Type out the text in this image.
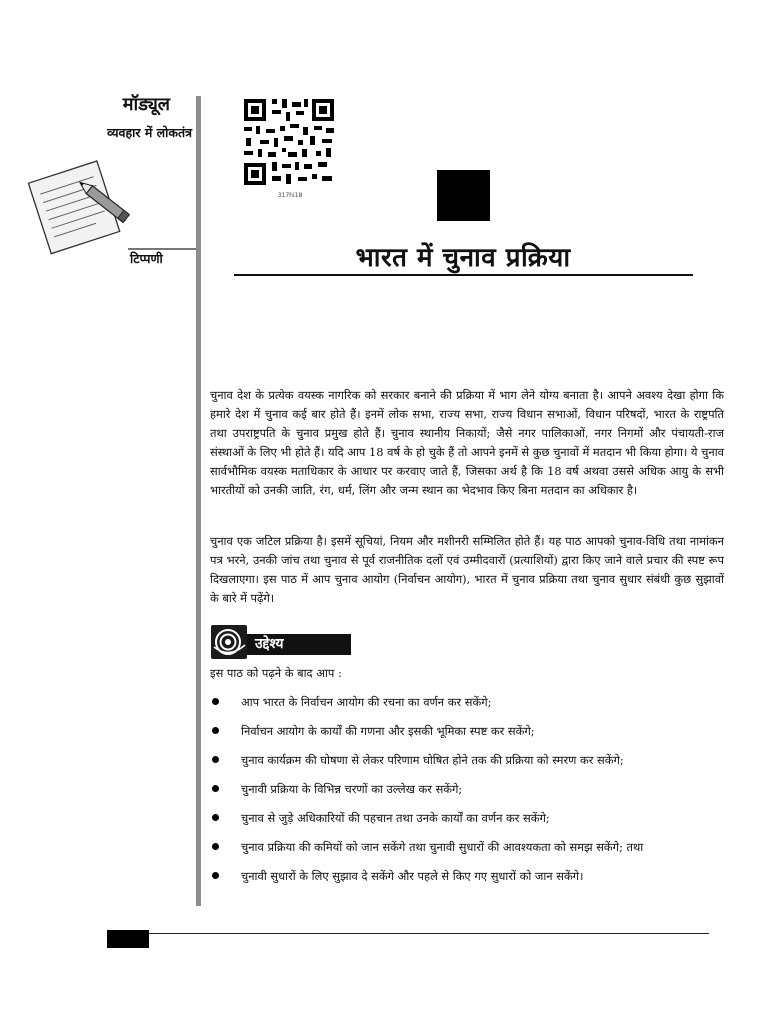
मॉड्यूल
व्यवहार में लोकतंत्र
टिप्पणी
317hi18
भारत में चुनाव प्रक्रिया

चुनाव देश के प्रत्येक वयस्क नागरिक को सरकार बनाने की प्रक्रिया में भाग लेने योग्य बनाता है। आपने अवश्य देखा होगा कि हमारे देश में चुनाव कई बार होते हैं। इनमें लोक सभा, राज्य सभा, राज्य विधान सभाओं, विधान परिषदों, भारत के राष्ट्रपति तथा उपराष्ट्रपति के चुनाव प्रमुख होते हैं। चुनाव स्थानीय निकायों; जैसे नगर पालिकाओं, नगर निगमों और पंचायती-राज संस्थाओं के लिए भी होते हैं। यदि आप 18 वर्ष के हो चुके हैं तो आपने इनमें से कुछ चुनावों में मतदान भी किया होगा। ये चुनाव सार्वभौमिक वयस्क मताधिकार के आधार पर करवाए जाते हैं, जिसका अर्थ है कि 18 वर्ष अथवा उससे अधिक आयु के सभी भारतीयों को उनकी जाति, रंग, धर्म, लिंग और जन्म स्थान का भेदभाव किए बिना मतदान का अधिकार है।

चुनाव एक जटिल प्रक्रिया है। इसमें सूचियां, नियम और मशीनरी सम्मिलित होते हैं। यह पाठ आपको चुनाव-विधि तथा नामांकन पत्र भरने, उनकी जांच तथा चुनाव से पूर्व राजनीतिक दलों एवं उम्मीदवारों (प्रत्याशियों) द्वारा किए जाने वाले प्रचार की स्पष्ट रूप दिखलाएगा। इस पाठ में आप चुनाव आयोग (निर्वाचन आयोग), भारत में चुनाव प्रक्रिया तथा चुनाव सुधार संबंधी कुछ सुझावों के बारे में पढ़ेंगे।

उद्देश्य
इस पाठ को पढ़ने के बाद आप :
आप भारत के निर्वाचन आयोग की रचना का वर्णन कर सकेंगे;
निर्वाचन आयोग के कार्यों की गणना और इसकी भूमिका स्पष्ट कर सकेंगे;
चुनाव कार्यक्रम की घोषणा से लेकर परिणाम घोषित होने तक की प्रक्रिया को स्मरण कर सकेंगे;
चुनावी प्रक्रिया के विभिन्न चरणों का उल्लेख कर सकेंगे;
चुनाव से जुड़े अधिकारियों की पहचान तथा उनके कार्यों का वर्णन कर सकेंगे;
चुनाव प्रक्रिया की कमियों को जान सकेंगे तथा चुनावी सुधारों की आवश्यकता को समझ सकेंगे; तथा
चुनावी सुधारों के लिए सुझाव दे सकेंगे और पहले से किए गए सुधारों को जान सकेंगे।
